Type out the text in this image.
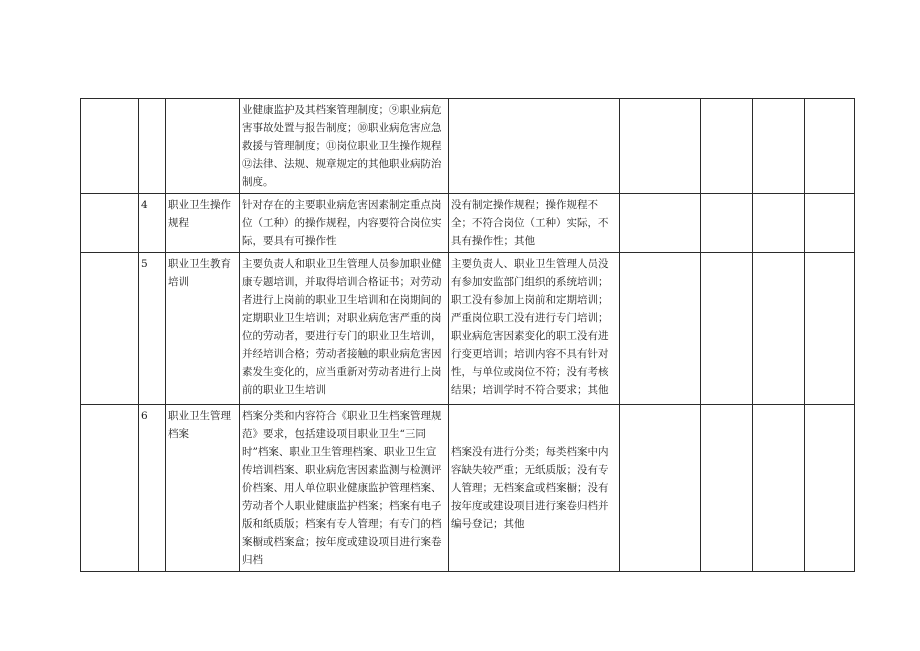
			业健康监护及其档案管理制度；⑨职业病危害事故处置与报告制度；⑩职业病危害应急救援与管理制度；⑪岗位职业卫生操作规程⑫法律、法规、规章规定的其他职业病防治制度。					

	4	职业卫生操作规程	针对存在的主要职业病危害因素制定重点岗位（工种）的操作规程，内容要符合岗位实际，要具有可操作性	没有制定操作规程；操作规程不全；不符合岗位（工种）实际，不具有操作性；其他				

	5	职业卫生教育培训	主要负责人和职业卫生管理人员参加职业健康专题培训，并取得培训合格证书；对劳动者进行上岗前的职业卫生培训和在岗期间的定期职业卫生培训；对职业病危害严重的岗位的劳动者，要进行专门的职业卫生培训，并经培训合格；劳动者接触的职业病危害因素发生变化的，应当重新对劳动者进行上岗前的职业卫生培训	主要负责人、职业卫生管理人员没有参加安监部门组织的系统培训；职工没有参加上岗前和定期培训；严重岗位职工没有进行专门培训；职业病危害因素变化的职工没有进行变更培训；培训内容不具有针对性，与单位或岗位不符；没有考核结果；培训学时不符合要求；其他				

	6	职业卫生管理档案	档案分类和内容符合《职业卫生档案管理规范》要求，包括建设项目职业卫生“三同时”档案、职业卫生管理档案、职业卫生宣传培训档案、职业病危害因素监测与检测评价档案、用人单位职业健康监护管理档案、劳动者个人职业健康监护档案；档案有电子版和纸质版；档案有专人管理；有专门的档案橱或档案盒；按年度或建设项目进行案卷归档	档案没有进行分类；每类档案中内容缺失较严重；无纸质版；没有专人管理；无档案盒或档案橱；没有按年度或建设项目进行案卷归档并编号登记；其他				
